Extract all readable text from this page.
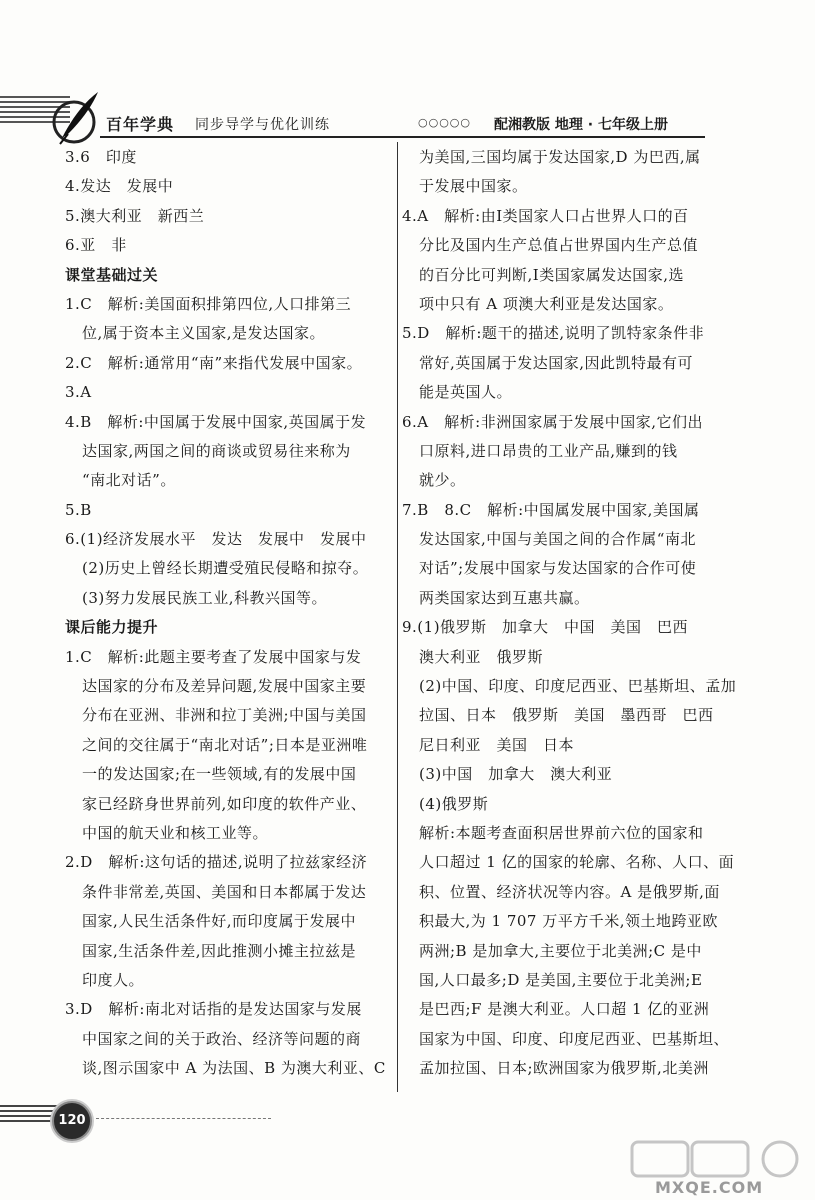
百年学典 同步导学与优化训练	○○○○○ 配湘教版 地理 · 七年级上册
3.6　印度
4.发达　发展中
5.澳大利亚　新西兰
6.亚　非
课堂基础过关
1.C　解析:美国面积排第四位,人口排第三
位,属于资本主义国家,是发达国家。
2.C　解析:通常用“南”来指代发展中国家。
3.A
4.B　解析:中国属于发展中国家,英国属于发
达国家,两国之间的商谈或贸易往来称为
“南北对话”。
5.B
6.(1)经济发展水平　发达　发展中　发展中
(2)历史上曾经长期遭受殖民侵略和掠夺。
(3)努力发展民族工业,科教兴国等。
课后能力提升
1.C　解析:此题主要考查了发展中国家与发
达国家的分布及差异问题,发展中国家主要
分布在亚洲、非洲和拉丁美洲;中国与美国
之间的交往属于“南北对话”;日本是亚洲唯
一的发达国家;在一些领域,有的发展中国
家已经跻身世界前列,如印度的软件产业、
中国的航天业和核工业等。
2.D　解析:这句话的描述,说明了拉兹家经济
条件非常差,英国、美国和日本都属于发达
国家,人民生活条件好,而印度属于发展中
国家,生活条件差,因此推测小摊主拉兹是
印度人。
3.D　解析:南北对话指的是发达国家与发展
中国家之间的关于政治、经济等问题的商
谈,图示国家中 A 为法国、B 为澳大利亚、C
为美国,三国均属于发达国家,D 为巴西,属
于发展中国家。
4.A　解析:由Ⅰ类国家人口占世界人口的百
分比及国内生产总值占世界国内生产总值
的百分比可判断,Ⅰ类国家属发达国家,选
项中只有 A 项澳大利亚是发达国家。
5.D　解析:题干的描述,说明了凯特家条件非
常好,英国属于发达国家,因此凯特最有可
能是英国人。
6.A　解析:非洲国家属于发展中国家,它们出
口原料,进口昂贵的工业产品,赚到的钱
就少。
7.B　8.C　解析:中国属发展中国家,美国属
发达国家,中国与美国之间的合作属“南北
对话”;发展中国家与发达国家的合作可使
两类国家达到互惠共赢。
9.(1)俄罗斯　加拿大　中国　美国　巴西
澳大利亚　俄罗斯
(2)中国、印度、印度尼西亚、巴基斯坦、孟加
拉国、日本　俄罗斯　美国　墨西哥　巴西
尼日利亚　美国　日本
(3)中国　加拿大　澳大利亚
(4)俄罗斯
解析:本题考查面积居世界前六位的国家和
人口超过 1 亿的国家的轮廓、名称、人口、面
积、位置、经济状况等内容。A 是俄罗斯,面
积最大,为 1 707 万平方千米,领土地跨亚欧
两洲;B 是加拿大,主要位于北美洲;C 是中
国,人口最多;D 是美国,主要位于北美洲;E
是巴西;F 是澳大利亚。人口超 1 亿的亚洲
国家为中国、印度、印度尼西亚、巴基斯坦、
孟加拉国、日本;欧洲国家为俄罗斯,北美洲
120
MXQE.COM
